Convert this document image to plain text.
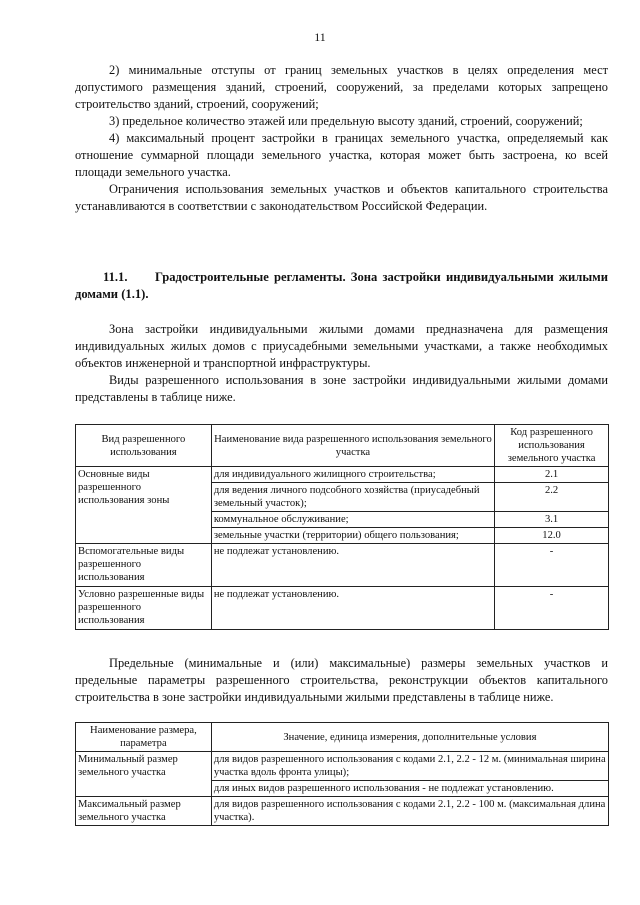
11

2) минимальные отступы от границ земельных участков в целях определения мест допустимого размещения зданий, строений, сооружений, за пределами которых запрещено строительство зданий, строений, сооружений;

3) предельное количество этажей или предельную высоту зданий, строений, сооружений;

4) максимальный процент застройки в границах земельного участка, определяемый как отношение суммарной площади земельного участка, которая может быть застроена, ко всей площади земельного участка.

Ограничения использования земельных участков и объектов капитального строительства устанавливаются в соответствии с законодательством Российской Федерации.

11.1. Градостроительные регламенты. Зона застройки индивидуальными жилыми домами (1.1).

Зона застройки индивидуальными жилыми домами предназначена для размещения индивидуальных жилых домов с приусадебными земельными участками, а также необходимых объектов инженерной и транспортной инфраструктуры.

Виды разрешенного использования в зоне застройки индивидуальными жилыми домами представлены в таблице ниже.

Вид разрешенного использования	Наименование вида разрешенного использования земельного участка	Код разрешенного использования земельного участка
Основные виды разрешенного использования зоны	для индивидуального жилищного строительства;	2.1
	для ведения личного подсобного хозяйства (приусадебный земельный участок);	2.2
	коммунальное обслуживание;	3.1
	земельные участки (территории) общего пользования;	12.0
Вспомогательные виды разрешенного использования	не подлежат установлению.	-
Условно разрешенные виды разрешенного использования	не подлежат установлению.	-

Предельные (минимальные и (или) максимальные) размеры земельных участков и предельные параметры разрешенного строительства, реконструкции объектов капитального строительства в зоне застройки индивидуальными жилыми представлены в таблице ниже.

Наименование размера, параметра	Значение, единица измерения, дополнительные условия
Минимальный размер земельного участка	для видов разрешенного использования с кодами 2.1, 2.2 - 12 м. (минимальная ширина участка вдоль фронта улицы);
	для иных видов разрешенного использования - не подлежат установлению.
Максимальный размер земельного участка	для видов разрешенного использования с кодами 2.1, 2.2 - 100 м. (максимальная длина участка).
